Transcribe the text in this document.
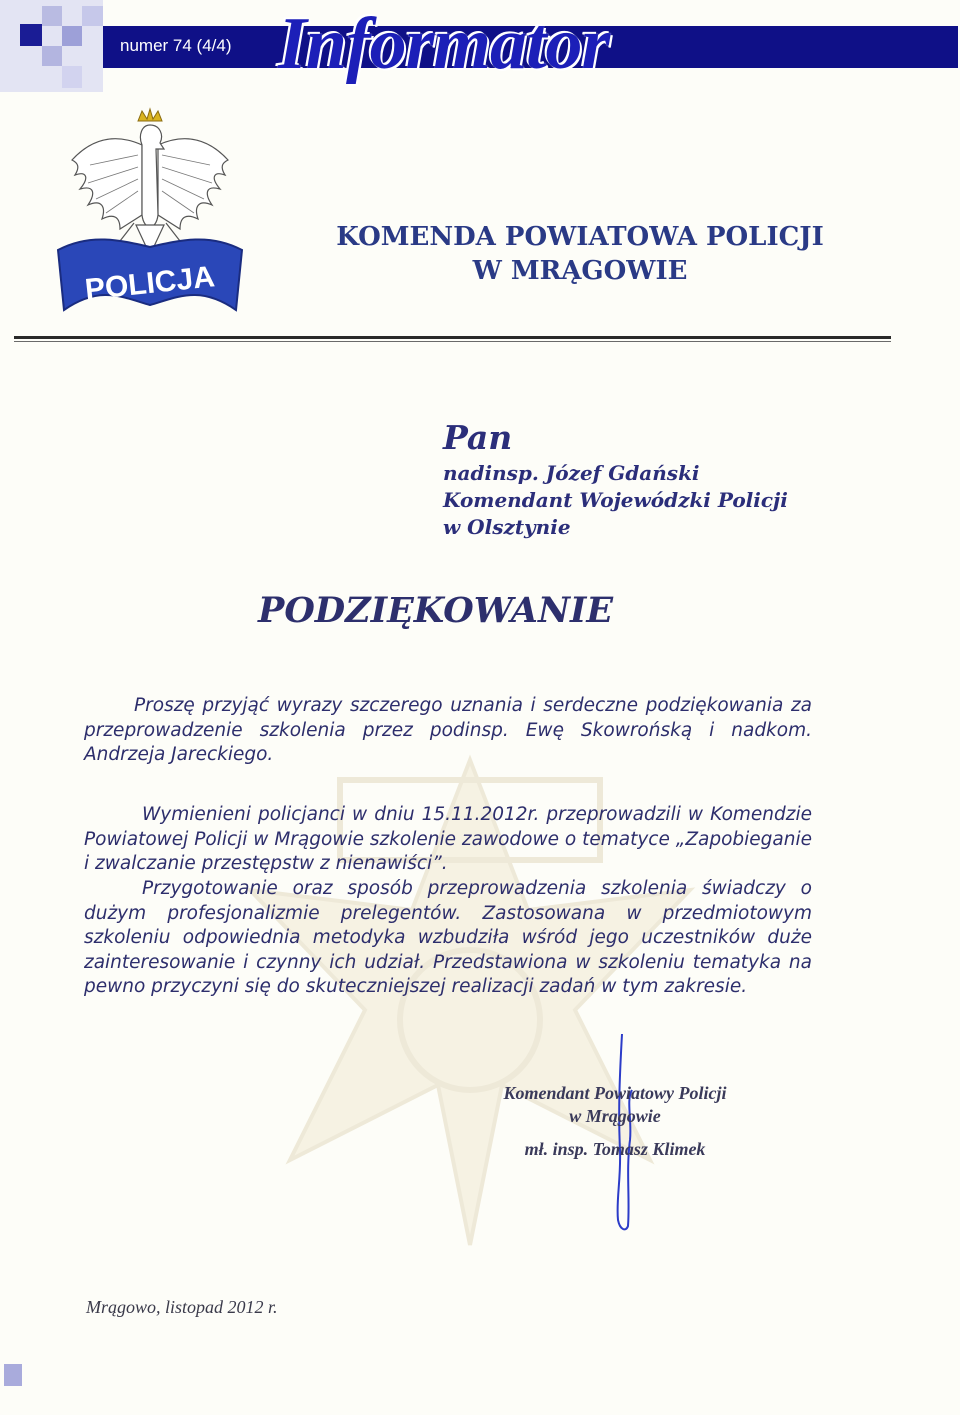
numer 74 (4/4) Informator
POLICJA
KOMENDA POWIATOWA POLICJI
W MRĄGOWIE
Pan
nadinsp. Józef Gdański
Komendant Wojewódzki Policji
w Olsztynie
PODZIĘKOWANIE

Proszę przyjąć wyrazy szczerego uznania i serdeczne podziękowania za przeprowadzenie szkolenia przez podinsp. Ewę Skowrońską i nadkom. Andrzeja Jareckiego.

Wymienieni policjanci w dniu 15.11.2012r. przeprowadzili w Komendzie Powiatowej Policji w Mrągowie szkolenie zawodowe o tematyce „Zapobieganie i zwalczanie przestępstw z nienawiści”.

Przygotowanie oraz sposób przeprowadzenia szkolenia świadczy o dużym profesjonalizmie prelegentów. Zastosowana w przedmiotowym szkoleniu odpowiednia metodyka wzbudziła wśród jego uczestników duże zainteresowanie i czynny ich udział. Przedstawiona w szkoleniu tematyka na pewno przyczyni się do skuteczniejszej realizacji zadań w tym zakresie.

Komendant Powiatowy Policji
w Mrągowie
mł. insp. Tomasz Klimek
Mrągowo, listopad 2012 r.
